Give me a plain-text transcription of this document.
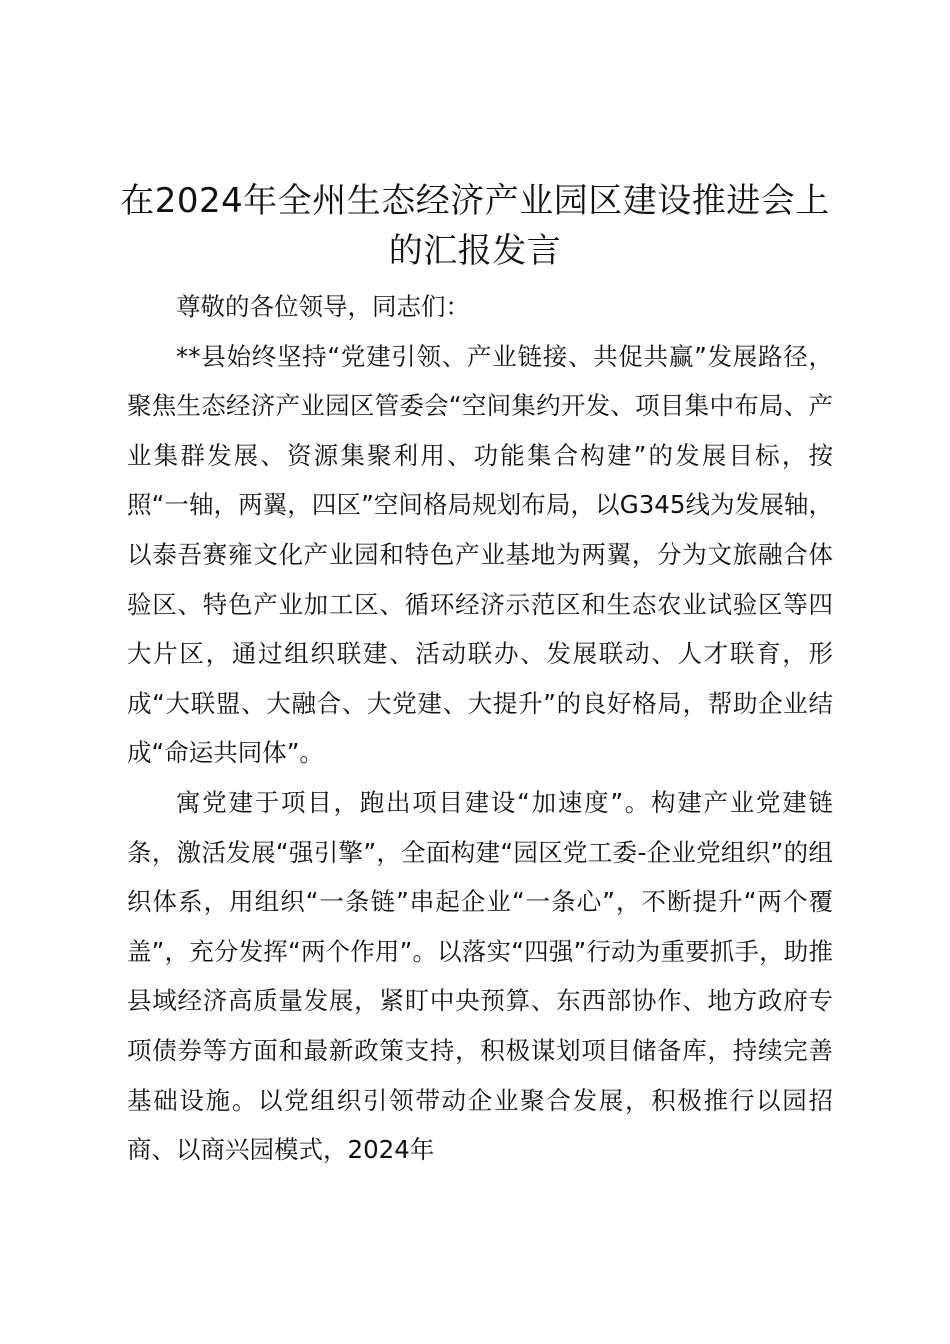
在2024年全州生态经济产业园区建设推进会上的汇报发言

尊敬的各位领导，同志们：

**县始终坚持“党建引领、产业链接、共促共赢”发展路径，聚焦生态经济产业园区管委会“空间集约开发、项目集中布局、产业集群发展、资源集聚利用、功能集合构建”的发展目标，按照“一轴，两翼，四区”空间格局规划布局，以G345线为发展轴，以泰吾赛雍文化产业园和特色产业基地为两翼，分为文旅融合体验区、特色产业加工区、循环经济示范区和生态农业试验区等四大片区，通过组织联建、活动联办、发展联动、人才联育，形成“大联盟、大融合、大党建、大提升”的良好格局，帮助企业结成“命运共同体”。

寓党建于项目，跑出项目建设“加速度”。构建产业党建链条，激活发展“强引擎”，全面构建“园区党工委-企业党组织”的组织体系，用组织“一条链”串起企业“一条心”，不断提升“两个覆盖”，充分发挥“两个作用”。以落实“四强”行动为重要抓手，助推县域经济高质量发展，紧盯中央预算、东西部协作、地方政府专项债券等方面和最新政策支持，积极谋划项目储备库，持续完善基础设施。以党组织引领带动企业聚合发展，积极推行以园招商、以商兴园模式，2024年
